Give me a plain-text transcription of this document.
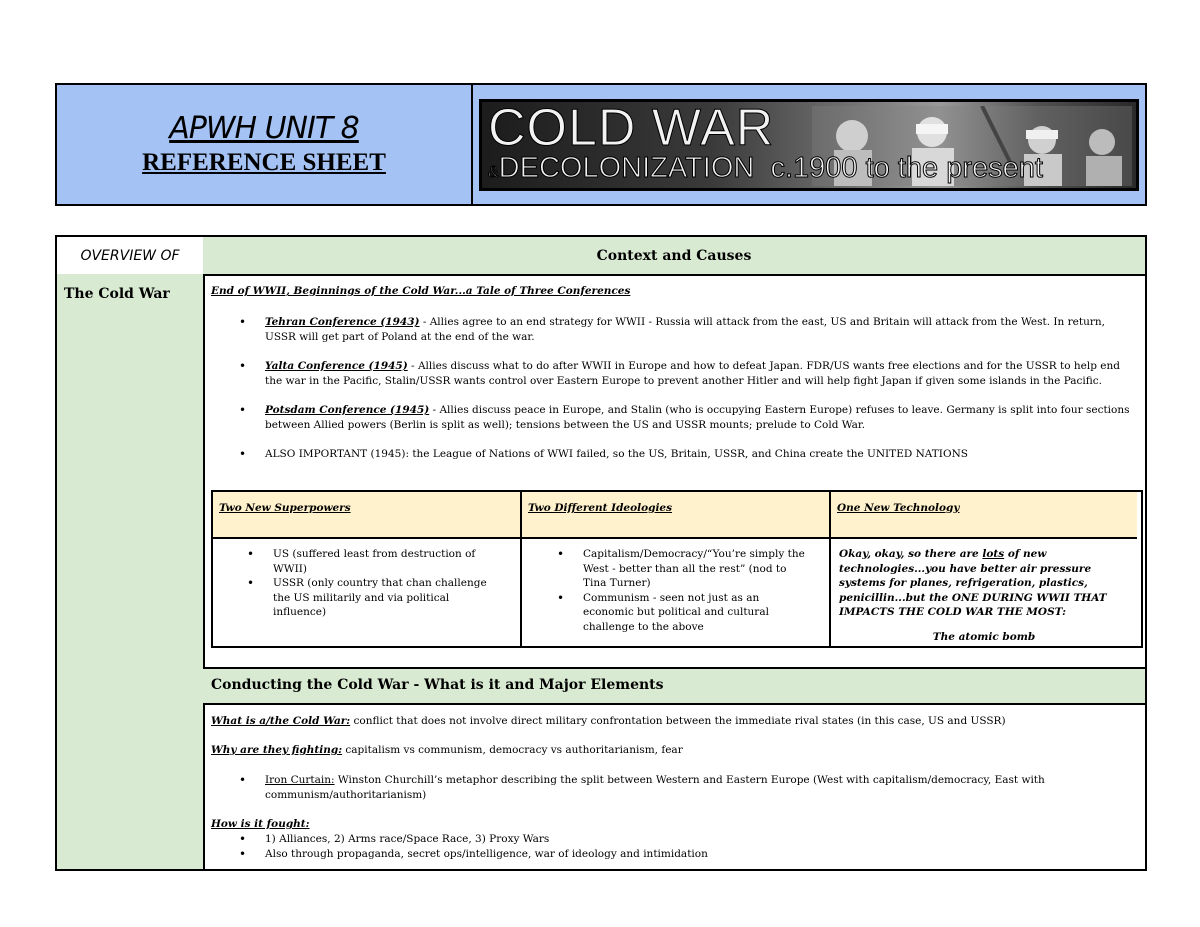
APWH UNIT 8
REFERENCE SHEET
COLD WAR
&DECOLONIZATION c.1900 to the present
OVERVIEW OF
The Cold War
Context and Causes
End of WWII, Beginnings of the Cold War...a Tale of Three Conferences
• Tehran Conference (1943) - Allies agree to an end strategy for WWII - Russia will attack from the east, US and Britain will attack from the West. In return, USSR will get part of Poland at the end of the war.
• Yalta Conference (1945) - Allies discuss what to do after WWII in Europe and how to defeat Japan. FDR/US wants free elections and for the USSR to help end the war in the Pacific, Stalin/USSR wants control over Eastern Europe to prevent another Hitler and will help fight Japan if given some islands in the Pacific.
• Potsdam Conference (1945) - Allies discuss peace in Europe, and Stalin (who is occupying Eastern Europe) refuses to leave. Germany is split into four sections between Allied powers (Berlin is split as well); tensions between the US and USSR mounts; prelude to Cold War.
• ALSO IMPORTANT (1945): the League of Nations of WWI failed, so the US, Britain, USSR, and China create the UNITED NATIONS
Two New Superpowers	Two Different Ideologies	One New Technology
• US (suffered least from destruction of WWII)
• USSR (only country that chan challenge the US militarily and via political influence)
• Capitalism/Democracy/“You’re simply the West - better than all the rest” (nod to Tina Turner)
• Communism - seen not just as an economic but political and cultural challenge to the above
Okay, okay, so there are lots of new technologies...you have better air pressure systems for planes, refrigeration, plastics, penicillin...but the ONE DURING WWII THAT IMPACTS THE COLD WAR THE MOST:
The atomic bomb
Conducting the Cold War - What is it and Major Elements
What is a/the Cold War: conflict that does not involve direct military confrontation between the immediate rival states (in this case, US and USSR)
Why are they fighting: capitalism vs communism, democracy vs authoritarianism, fear
• Iron Curtain: Winston Churchill’s metaphor describing the split between Western and Eastern Europe (West with capitalism/democracy, East with communism/authoritarianism)
How is it fought:
• 1) Alliances, 2) Arms race/Space Race, 3) Proxy Wars
• Also through propaganda, secret ops/intelligence, war of ideology and intimidation
